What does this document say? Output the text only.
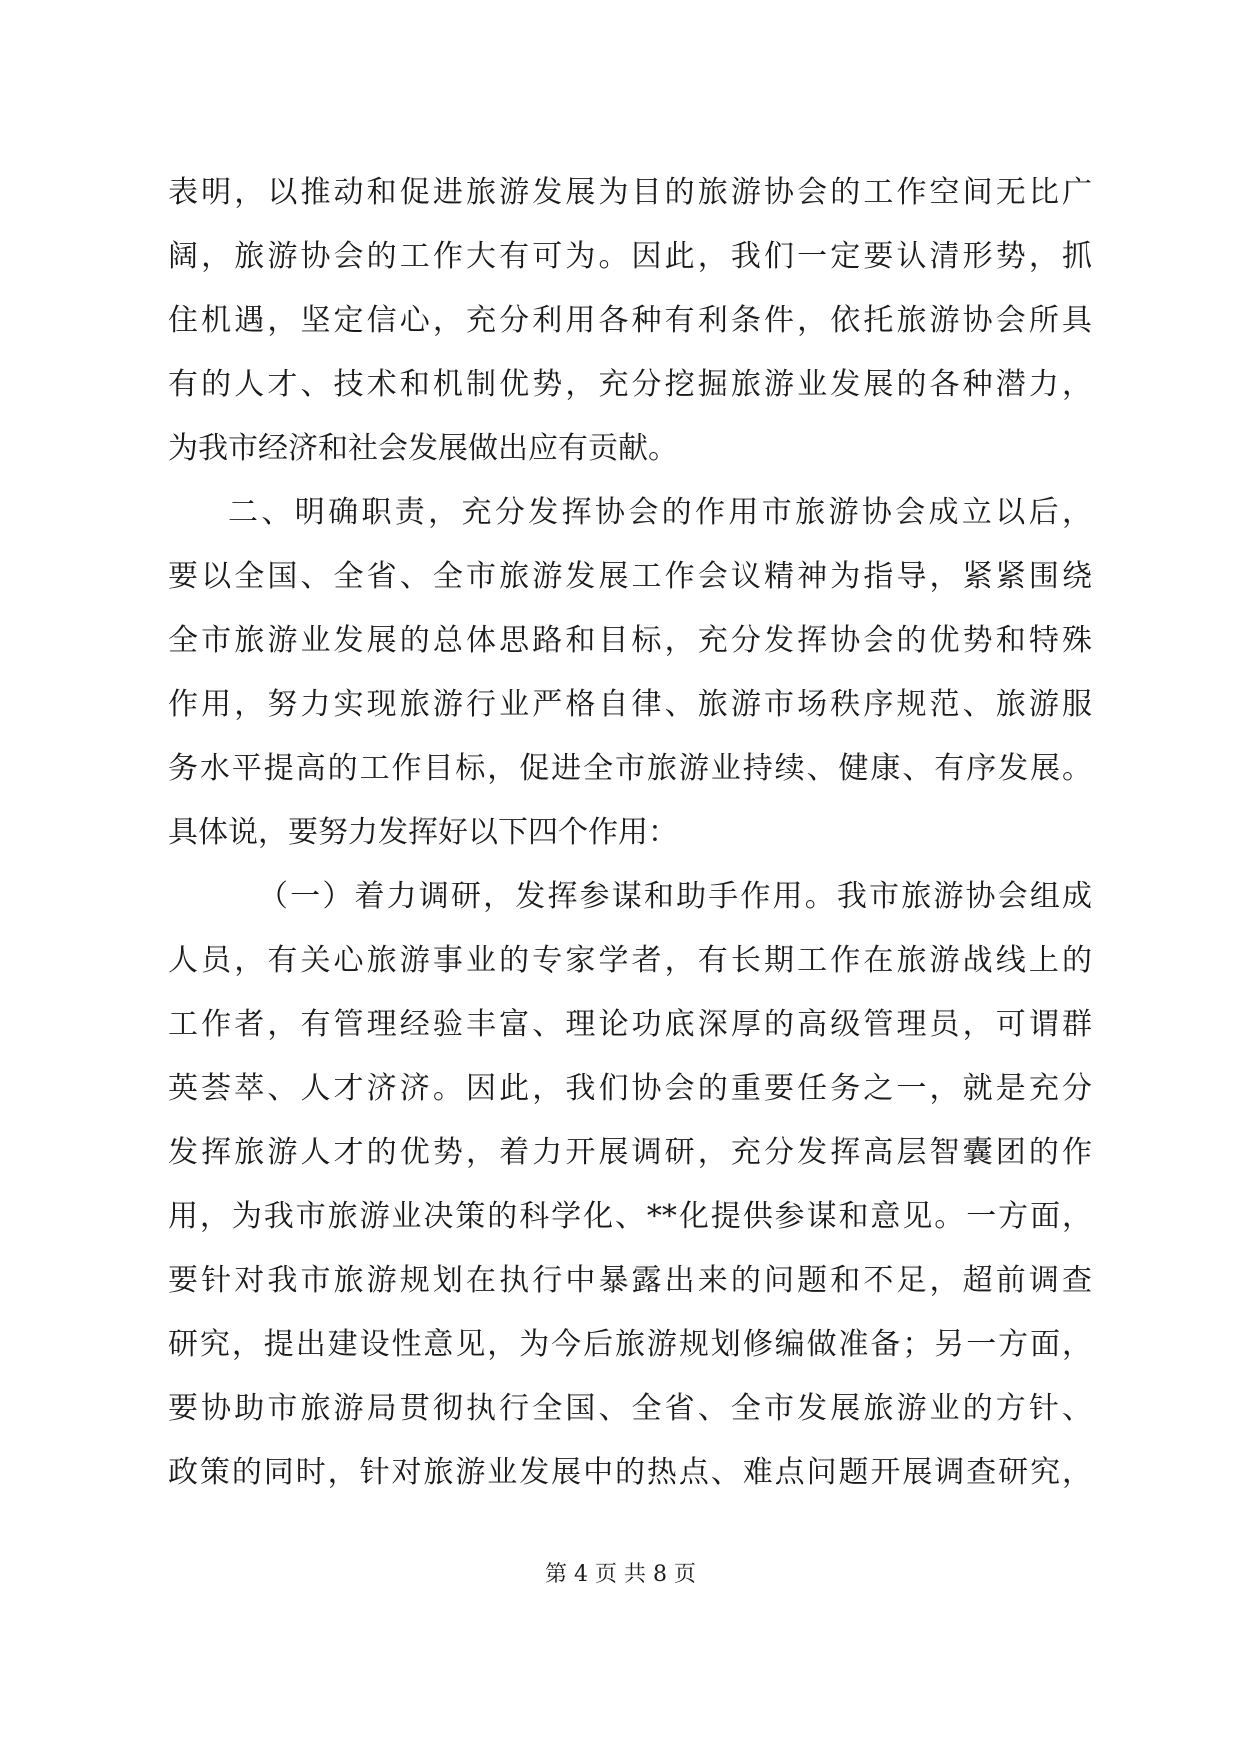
表明，以推动和促进旅游发展为目的旅游协会的工作空间无比广
阔，旅游协会的工作大有可为。因此，我们一定要认清形势，抓
住机遇，坚定信心，充分利用各种有利条件，依托旅游协会所具
有的人才、技术和机制优势，充分挖掘旅游业发展的各种潜力，
为我市经济和社会发展做出应有贡献。
二、明确职责，充分发挥协会的作用市旅游协会成立以后，
要以全国、全省、全市旅游发展工作会议精神为指导，紧紧围绕
全市旅游业发展的总体思路和目标，充分发挥协会的优势和特殊
作用，努力实现旅游行业严格自律、旅游市场秩序规范、旅游服
务水平提高的工作目标，促进全市旅游业持续、健康、有序发展。
具体说，要努力发挥好以下四个作用：
（一）着力调研，发挥参谋和助手作用。我市旅游协会组成
人员，有关心旅游事业的专家学者，有长期工作在旅游战线上的
工作者，有管理经验丰富、理论功底深厚的高级管理员，可谓群
英荟萃、人才济济。因此，我们协会的重要任务之一，就是充分
发挥旅游人才的优势，着力开展调研，充分发挥高层智囊团的作
用，为我市旅游业决策的科学化、**化提供参谋和意见。一方面，
要针对我市旅游规划在执行中暴露出来的问题和不足，超前调查
研究，提出建设性意见，为今后旅游规划修编做准备；另一方面，
要协助市旅游局贯彻执行全国、全省、全市发展旅游业的方针、
政策的同时，针对旅游业发展中的热点、难点问题开展调查研究，
第 4 页 共 8 页
